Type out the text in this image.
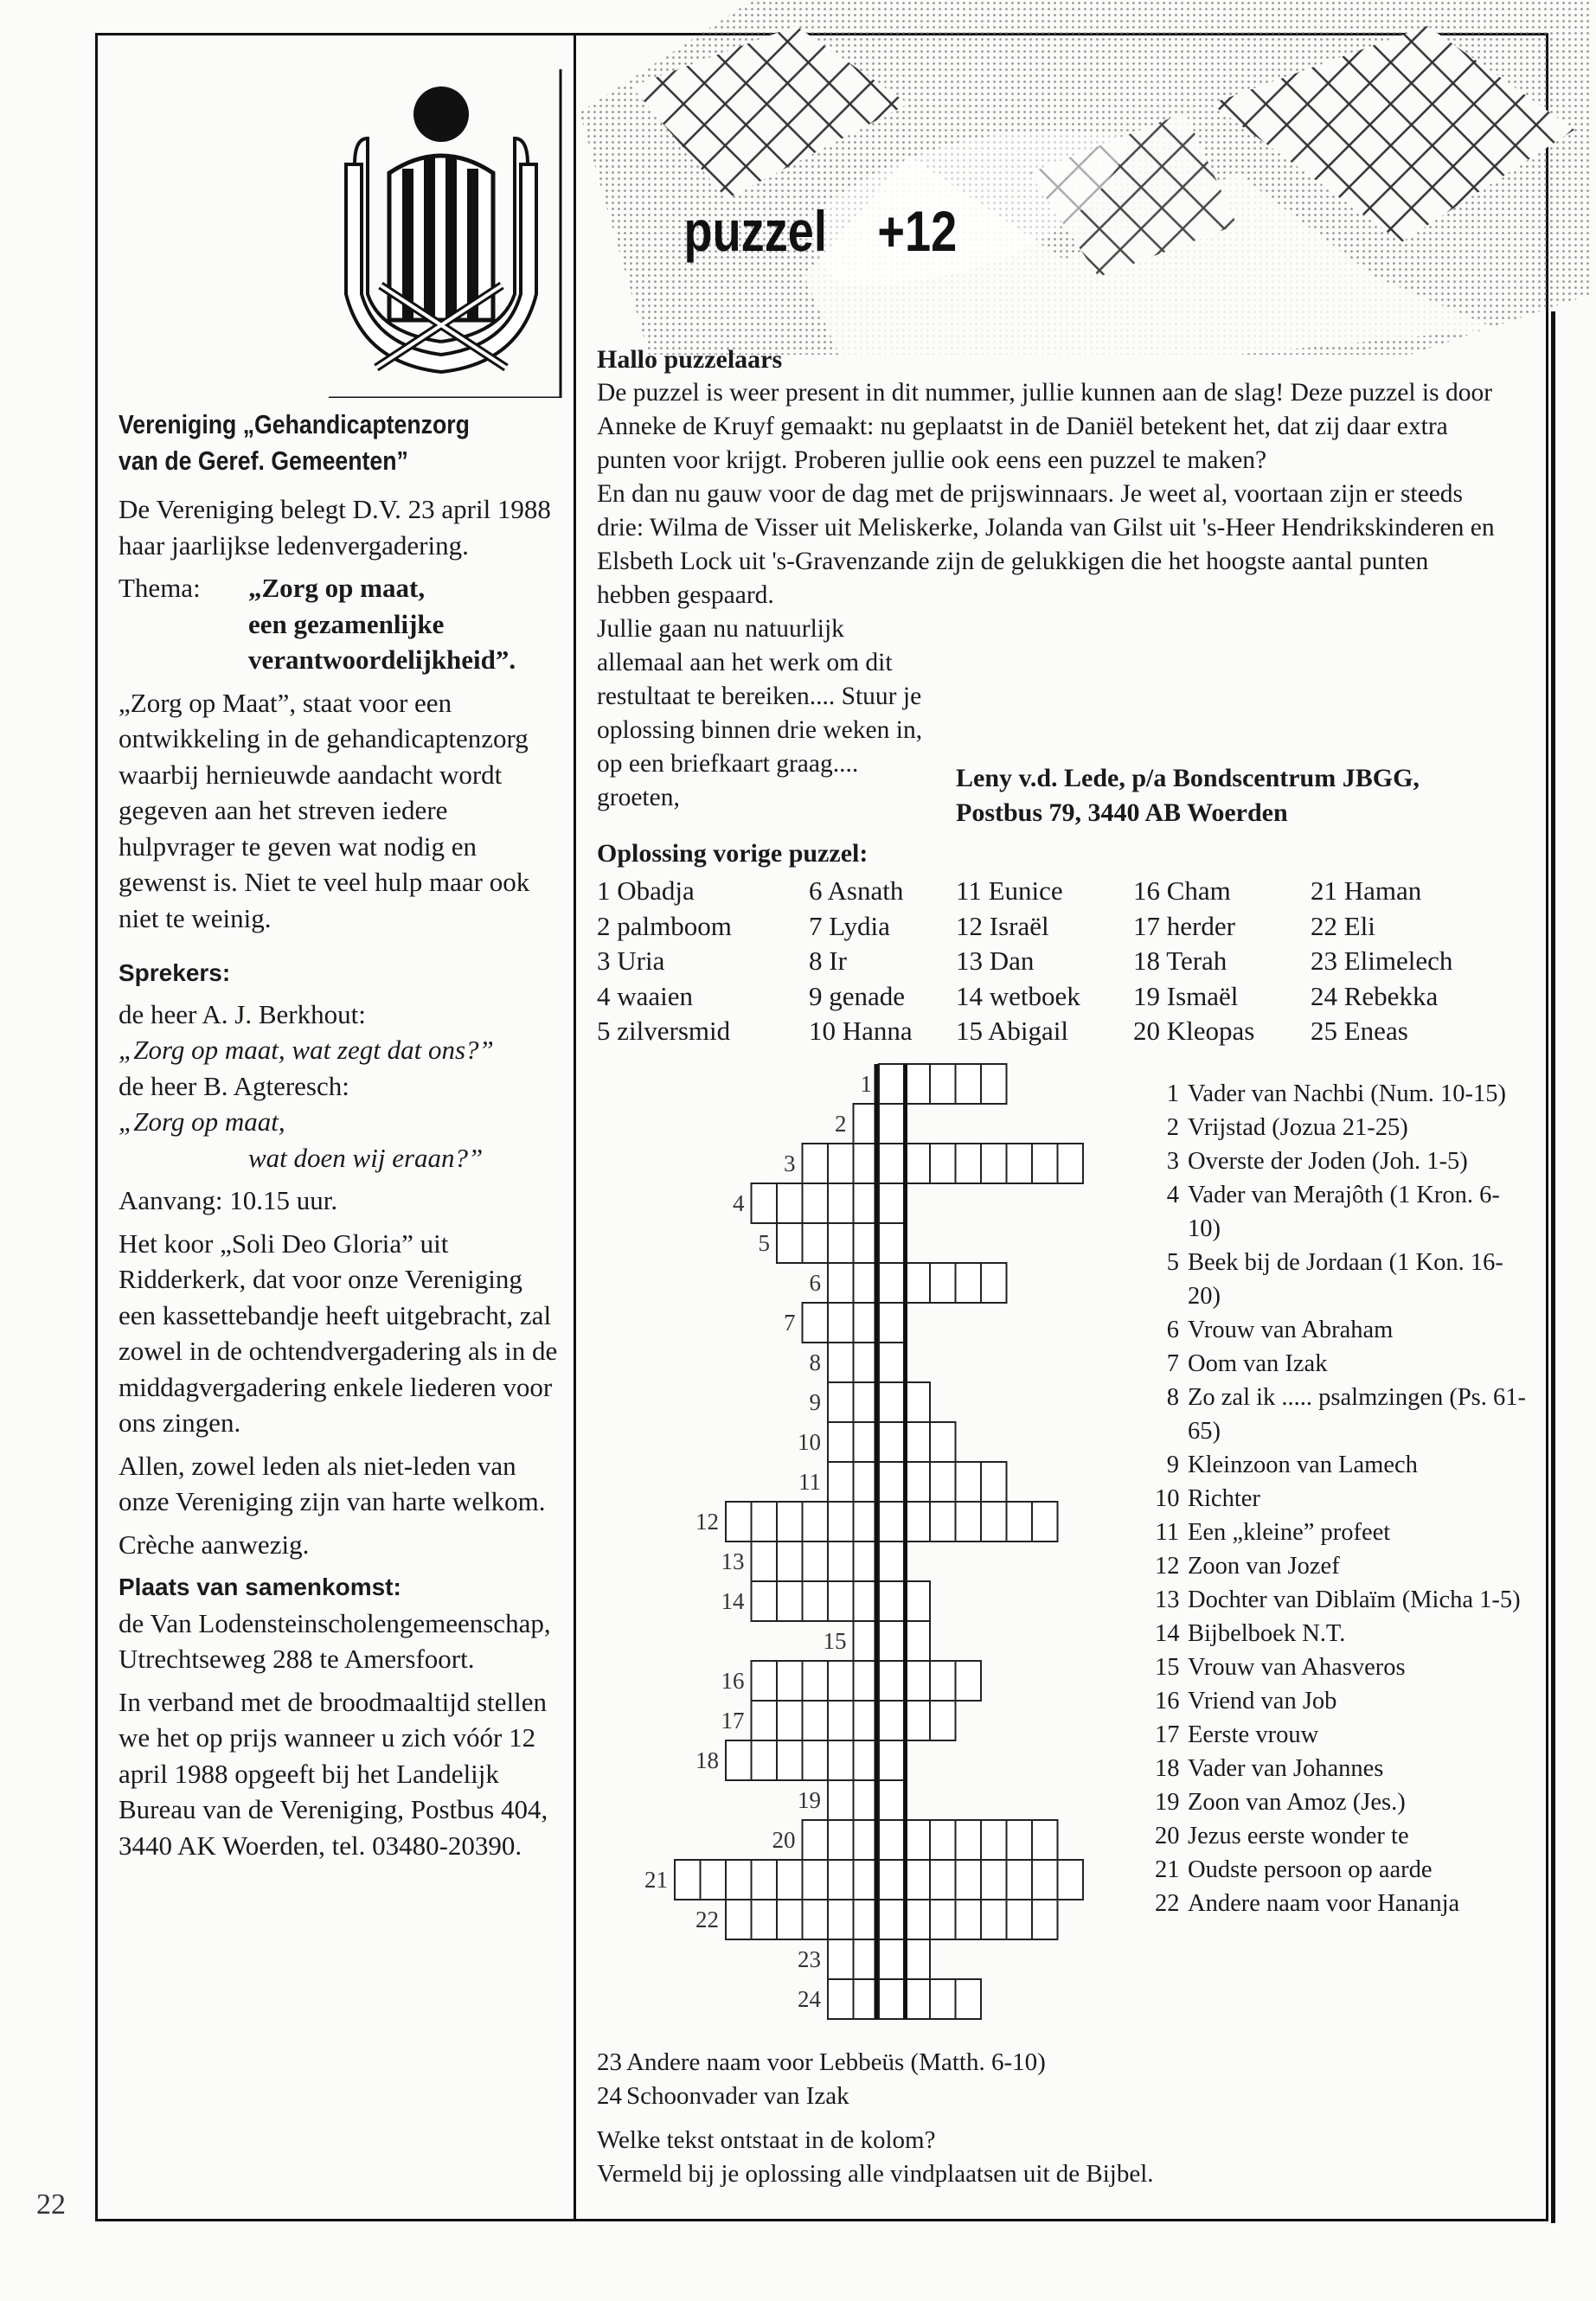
22
Vereniging „Gehandicaptenzorg
van de Geref. Gemeenten”

De Vereniging belegt D.V. 23 april 1988 haar jaarlijkse ledenvergadering.

Thema:	„Zorg op maat,
een gezamenlijke
verantwoordelijkheid”.

„Zorg op Maat”, staat voor een ontwikkeling in de gehandicaptenzorg waarbij hernieuwde aandacht wordt gegeven aan het streven iedere hulpvrager te geven wat nodig en gewenst is. Niet te veel hulp maar ook niet te weinig.

Sprekers:
de heer A. J. Berkhout:
„Zorg op maat, wat zegt dat ons?”
de heer B. Agteresch:
„Zorg op maat,
wat doen wij eraan?”

Aanvang: 10.15 uur.

Het koor „Soli Deo Gloria” uit Ridderkerk, dat voor onze Vereniging een kassettebandje heeft uitgebracht, zal zowel in de ochtendvergadering als in de middagvergadering enkele liederen voor ons zingen.

Allen, zowel leden als niet-leden van onze Vereniging zijn van harte welkom.

Crèche aanwezig.

Plaats van samenkomst:

de Van Lodensteinscholengemeenschap, Utrechtseweg 288 te Amersfoort.

In verband met de broodmaaltijd stellen we het op prijs wanneer u zich vóór 12 april 1988 opgeeft bij het Landelijk Bureau van de Vereniging, Postbus 404, 3440 AK Woerden, tel. 03480-20390.

puzzel +12
Hallo puzzelaars
De puzzel is weer present in dit nummer, jullie kunnen aan de slag! Deze puzzel is door Anneke de Kruyf gemaakt: nu geplaatst in de Daniël betekent het, dat zij daar extra punten voor krijgt. Proberen jullie ook eens een puzzel te maken?
En dan nu gauw voor de dag met de prijswinnaars. Je weet al, voortaan zijn er steeds drie: Wilma de Visser uit Meliskerke, Jolanda van Gilst uit 's-Heer Hendrikskinderen en Elsbeth Lock uit 's-Gravenzande zijn de gelukkigen die het hoogste aantal punten hebben gespaard.
Jullie gaan nu natuurlijk allemaal aan het werk om dit restultaat te bereiken.... Stuur je oplossing binnen drie weken in, op een briefkaart graag.... groeten,
Leny v.d. Lede, p/a Bondscentrum JBGG,
Postbus 79, 3440 AB Woerden
Oplossing vorige puzzel:
1 Obadja
2 palmboom
3 Uria
4 waaien
5 zilversmid
6 Asnath
7 Lydia
8 Ir
9 genade
10 Hanna
11 Eunice
12 Israël
13 Dan
14 wetboek
15 Abigail
16 Cham
17 herder
18 Terah
19 Ismaël
20 Kleopas
21 Haman
22 Eli
23 Elimelech
24 Rebekka
25 Eneas
1
2
3
4
5
6
7
8
9
10
11
12
13
14
15
16
17
18
19
20
21
22
23
24
1 Vader van Nachbi (Num. 10-15)
2 Vrijstad (Jozua 21-25)
3 Overste der Joden (Joh. 1-5)
4 Vader van Merajôth (1 Kron. 6-10)
5 Beek bij de Jordaan (1 Kon. 16-20)
6 Vrouw van Abraham
7 Oom van Izak
8 Zo zal ik ..... psalmzingen (Ps. 61-65)
9 Kleinzoon van Lamech
10 Richter
11 Een „kleine” profeet
12 Zoon van Jozef
13 Dochter van Diblaïm (Micha 1-5)
14 Bijbelboek N.T.
15 Vrouw van Ahasveros
16 Vriend van Job
17 Eerste vrouw
18 Vader van Johannes
19 Zoon van Amoz (Jes.)
20 Jezus eerste wonder te
21 Oudste persoon op aarde
22 Andere naam voor Hananja
23 Andere naam voor Lebbeüs (Matth. 6-10)
24 Schoonvader van Izak
Welke tekst ontstaat in de kolom?
Vermeld bij je oplossing alle vindplaatsen uit de Bijbel.
